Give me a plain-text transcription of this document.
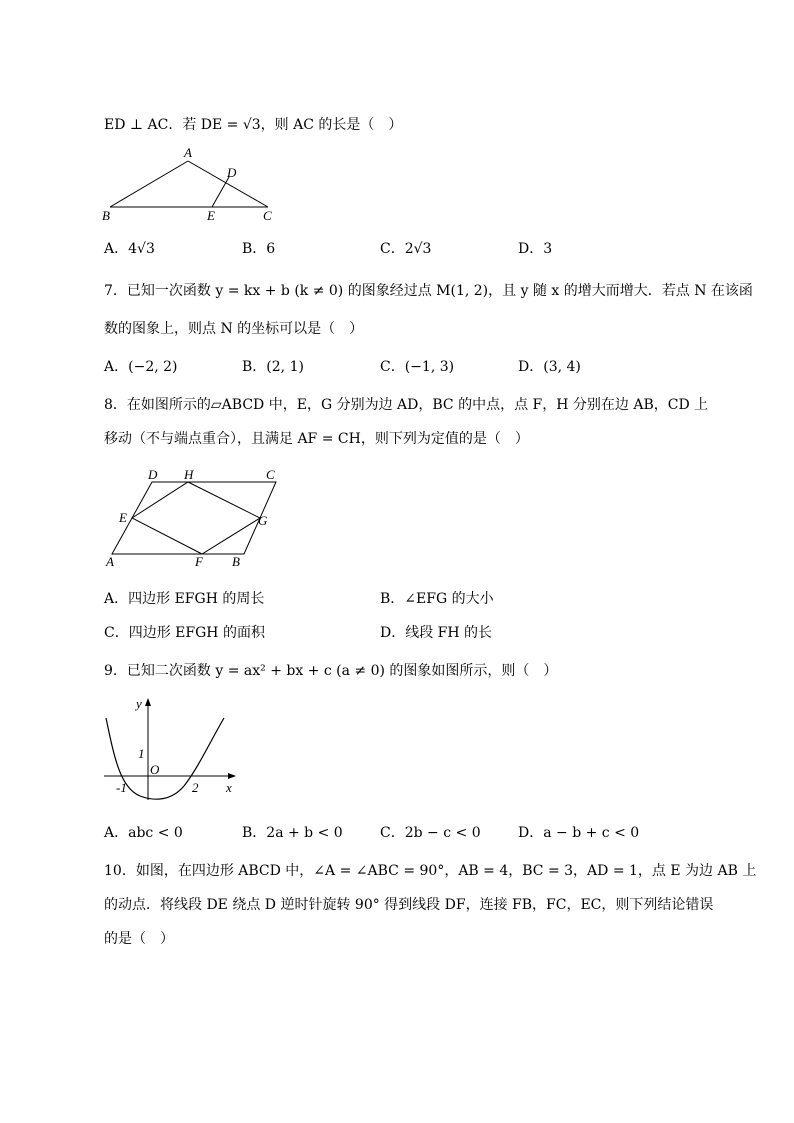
ED ⊥ AC．若 DE = √3，则 AC 的长是（　）
A
B	C
D
E
A．4√3	B．6	C．2√3	D．3
7．已知一次函数 y = kx + b (k ≠ 0) 的图象经过点 M(1, 2)，且 y 随 x 的增大而增大．若点 N 在该函
数的图象上，则点 N 的坐标可以是（　）
A．(−2, 2)	B．(2, 1)	C．(−1, 3)	D．(3, 4)
8．在如图所示的▱ABCD 中，E，G 分别为边 AD，BC 的中点，点 F，H 分别在边 AB，CD 上
移动（不与端点重合），且满足 AF = CH，则下列为定值的是（　）
D H	C
E	G
A	F B
A．四边形 EFGH 的周长	B．∠EFG 的大小
C．四边形 EFGH 的面积	D．线段 FH 的长
9．已知二次函数 y = ax² + bx + c (a ≠ 0) 的图象如图所示，则（　）
y
x
O
1
-1	2
A．abc < 0	B．2a + b < 0	C．2b − c < 0	D．a − b + c < 0
10．如图，在四边形 ABCD 中，∠A = ∠ABC = 90°，AB = 4，BC = 3，AD = 1，点 E 为边 AB 上
的动点．将线段 DE 绕点 D 逆时针旋转 90° 得到线段 DF，连接 FB，FC，EC，则下列结论错误
的是（　）
